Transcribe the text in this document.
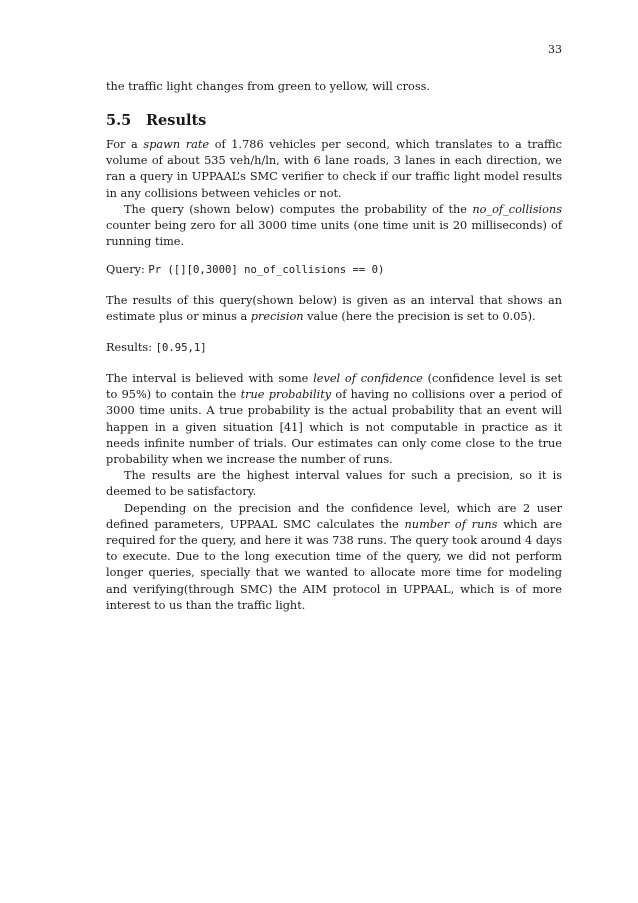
33

the traffic light changes from green to yellow, will cross.

5.5 Results

For a spawn rate of 1.786 vehicles per second, which translates to a traffic volume of about 535 veh/h/ln, with 6 lane roads, 3 lanes in each direction, we ran a query in UPPAAL’s SMC verifier to check if our traffic light model results in any collisions between vehicles or not.

The query (shown below) computes the probability of the no_of_collisions counter being zero for all 3000 time units (one time unit is 20 milliseconds) of running time.

Query: Pr ([][0,3000] no_of_collisions == 0)

The results of this query(shown below) is given as an interval that shows an estimate plus or minus a precision value (here the precision is set to 0.05).

Results: [0.95,1]

The interval is believed with some level of confidence (confidence level is set to 95%) to contain the true probability of having no collisions over a period of 3000 time units. A true probability is the actual probability that an event will happen in a given situation [41] which is not computable in practice as it needs infinite number of trials. Our estimates can only come close to the true probability when we increase the number of runs.

The results are the highest interval values for such a precision, so it is deemed to be satisfactory.

Depending on the precision and the confidence level, which are 2 user defined parameters, UPPAAL SMC calculates the number of runs which are required for the query, and here it was 738 runs. The query took around 4 days to execute. Due to the long execution time of the query, we did not perform longer queries, specially that we wanted to allocate more time for modeling and verifying(through SMC) the AIM protocol in UPPAAL, which is of more interest to us than the traffic light.
